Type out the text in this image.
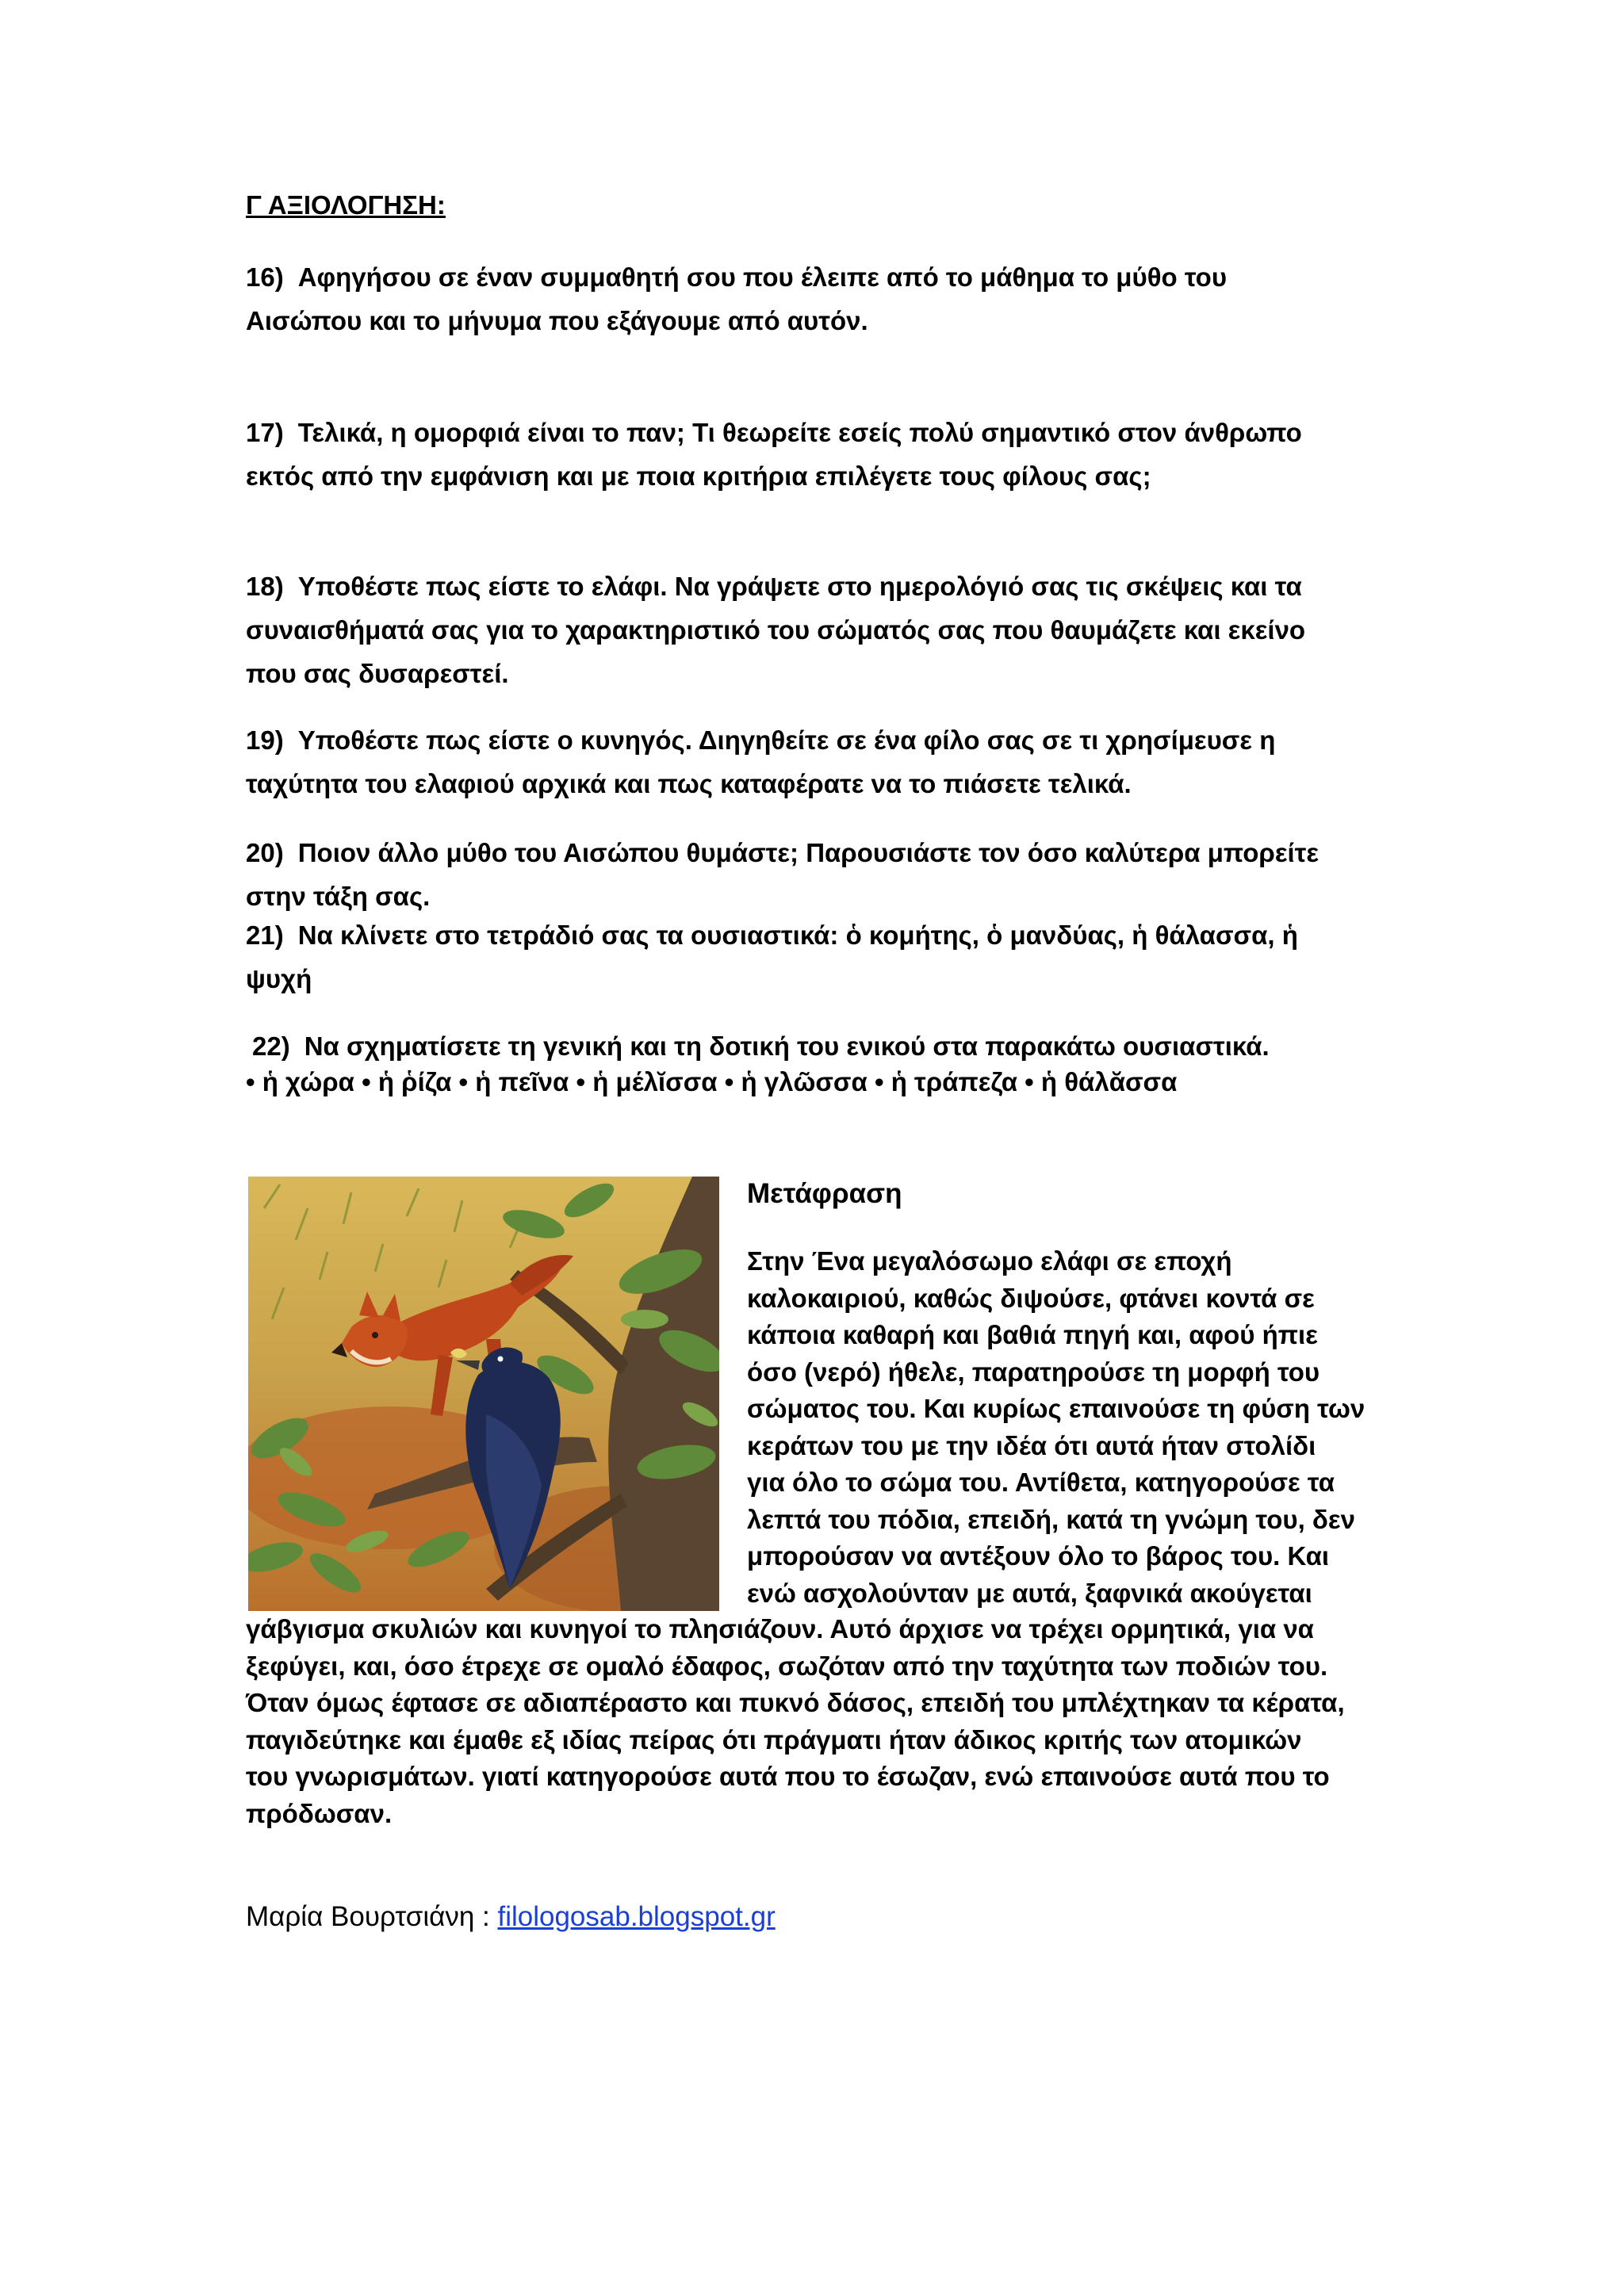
Γ ΑΞΙΟΛΟΓΗΣΗ:
16) Αφηγήσου σε έναν συμμαθητή σου που έλειπε από το μάθημα το μύθο του
Αισώπου και το μήνυμα που εξάγουμε από αυτόν.
17) Τελικά, η ομορφιά είναι το παν; Τι θεωρείτε εσείς πολύ σημαντικό στον άνθρωπο
εκτός από την εμφάνιση και με ποια κριτήρια επιλέγετε τους φίλους σας;
18) Υποθέστε πως είστε το ελάφι. Να γράψετε στο ημερολόγιό σας τις σκέψεις και τα
συναισθήματά σας για το χαρακτηριστικό του σώματός σας που θαυμάζετε και εκείνο
που σας δυσαρεστεί.
19) Υποθέστε πως είστε ο κυνηγός. Διηγηθείτε σε ένα φίλο σας σε τι χρησίμευσε η
ταχύτητα του ελαφιού αρχικά και πως καταφέρατε να το πιάσετε τελικά.
20) Ποιον άλλο μύθο του Αισώπου θυμάστε; Παρουσιάστε τον όσο καλύτερα μπορείτε
στην τάξη σας.
21) Να κλίνετε στο τετράδιό σας τα ουσιαστικά: ὁ κομήτης, ὁ μανδύας, ἡ θάλασσα, ἡ
ψυχή
22) Να σχηματίσετε τη γενική και τη δοτική του ενικού στα παρακάτω ουσιαστικά.
• ἡ χώρα • ἡ ῥίζα • ἡ πεῖνα • ἡ μέλῐσσα • ἡ γλῶσσα • ἡ τράπεζα • ἡ θάλᾰσσα
Μετάφραση
Στην Ένα μεγαλόσωμο ελάφι σε εποχή
καλοκαιριού, καθώς διψούσε, φτάνει κοντά σε
κάποια καθαρή και βαθιά πηγή και, αφού ήπιε
όσο (νερό) ήθελε, παρατηρούσε τη μορφή του
σώματος του. Και κυρίως επαινούσε τη φύση των
κεράτων του με την ιδέα ότι αυτά ήταν στολίδι
για όλο το σώμα του. Αντίθετα, κατηγορούσε τα
λεπτά του πόδια, επειδή, κατά τη γνώμη του, δεν
μπορούσαν να αντέξουν όλο το βάρος του. Και
ενώ ασχολούνταν με αυτά, ξαφνικά ακούγεται
γάβγισμα σκυλιών και κυνηγοί το πλησιάζουν. Αυτό άρχισε να τρέχει ορμητικά, για να
ξεφύγει, και, όσο έτρεχε σε ομαλό έδαφος, σωζόταν από την ταχύτητα των ποδιών του.
Όταν όμως έφτασε σε αδιαπέραστο και πυκνό δάσος, επειδή του μπλέχτηκαν τα κέρατα,
παγιδεύτηκε και έμαθε εξ ιδίας πείρας ότι πράγματι ήταν άδικος κριτής των ατομικών
του γνωρισμάτων. γιατί κατηγορούσε αυτά που το έσωζαν, ενώ επαινούσε αυτά που το
πρόδωσαν.
Μαρία Βουρτσιάνη : filologosab.blogspot.gr
